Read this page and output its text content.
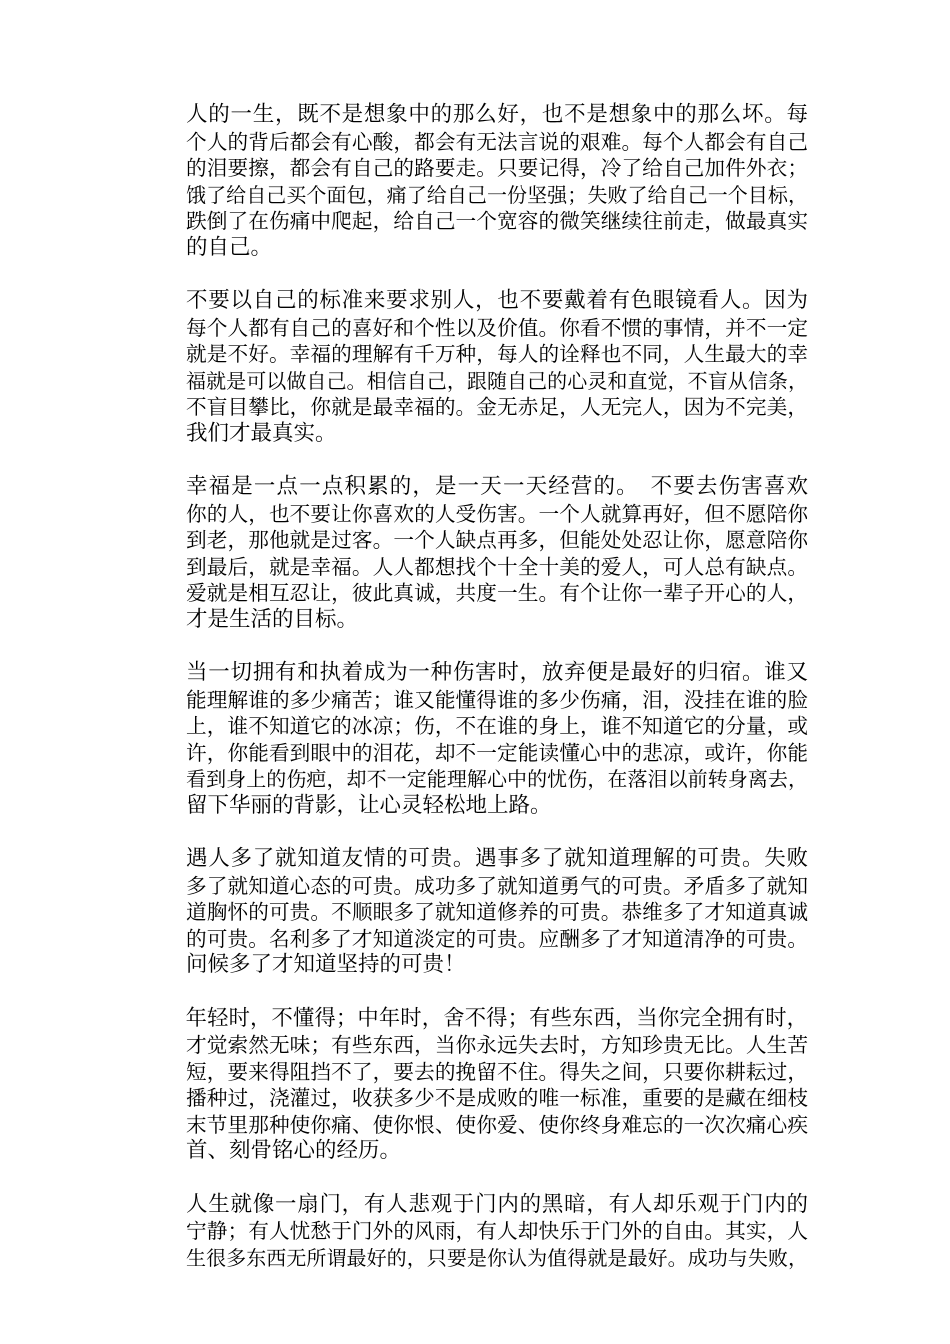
人的一生，既不是想象中的那么好，也不是想象中的那么坏。每
个人的背后都会有心酸，都会有无法言说的艰难。每个人都会有自己
的泪要擦，都会有自己的路要走。只要记得，冷了给自己加件外衣；
饿了给自己买个面包，痛了给自己一份坚强；失败了给自己一个目标，
跌倒了在伤痛中爬起，给自己一个宽容的微笑继续往前走，做最真实
的自己。
不要以自己的标准来要求别人，也不要戴着有色眼镜看人。因为
每个人都有自己的喜好和个性以及价值。你看不惯的事情，并不一定
就是不好。幸福的理解有千万种，每人的诠释也不同，人生最大的幸
福就是可以做自己。相信自己，跟随自己的心灵和直觉，不盲从信条，
不盲目攀比，你就是最幸福的。金无赤足，人无完人，因为不完美，
我们才最真实。
幸福是一点一点积累的，是一天一天经营的。　不要去伤害喜欢
你的人，也不要让你喜欢的人受伤害。一个人就算再好，但不愿陪你
到老，那他就是过客。一个人缺点再多，但能处处忍让你，愿意陪你
到最后，就是幸福。人人都想找个十全十美的爱人，可人总有缺点。
爱就是相互忍让，彼此真诚，共度一生。有个让你一辈子开心的人，
才是生活的目标。
当一切拥有和执着成为一种伤害时，放弃便是最好的归宿。谁又
能理解谁的多少痛苦；谁又能懂得谁的多少伤痛，泪，没挂在谁的脸
上，谁不知道它的冰凉；伤，不在谁的身上，谁不知道它的分量，或
许，你能看到眼中的泪花，却不一定能读懂心中的悲凉，或许，你能
看到身上的伤疤，却不一定能理解心中的忧伤，在落泪以前转身离去，
留下华丽的背影，让心灵轻松地上路。
遇人多了就知道友情的可贵。遇事多了就知道理解的可贵。失败
多了就知道心态的可贵。成功多了就知道勇气的可贵。矛盾多了就知
道胸怀的可贵。不顺眼多了就知道修养的可贵。恭维多了才知道真诚
的可贵。名利多了才知道淡定的可贵。应酬多了才知道清净的可贵。
问候多了才知道坚持的可贵！
年轻时，不懂得；中年时，舍不得；有些东西，当你完全拥有时，
才觉索然无味；有些东西，当你永远失去时，方知珍贵无比。人生苦
短，要来得阻挡不了，要去的挽留不住。得失之间，只要你耕耘过，
播种过，浇灌过，收获多少不是成败的唯一标准，重要的是藏在细枝
末节里那种使你痛、使你恨、使你爱、使你终身难忘的一次次痛心疾
首、刻骨铭心的经历。
人生就像一扇门，有人悲观于门内的黑暗，有人却乐观于门内的
宁静；有人忧愁于门外的风雨，有人却快乐于门外的自由。其实，人
生很多东西无所谓最好的，只要是你认为值得就是最好。成功与失败，
